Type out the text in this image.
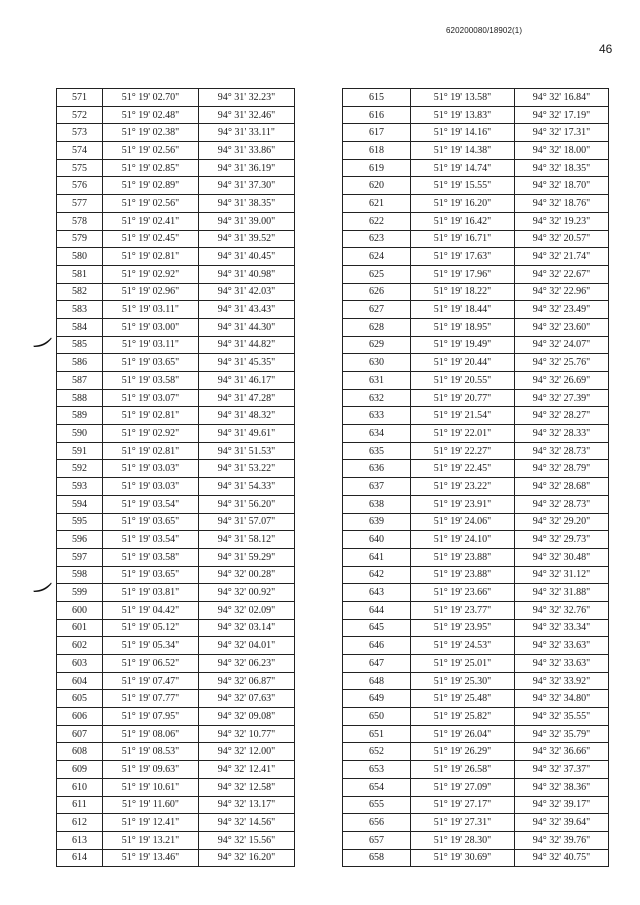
620200080/18902(1)
46
‿
‿
571	51° 19' 02.70"	94° 31' 32.23"
572	51° 19' 02.48"	94° 31' 32.46"
573	51° 19' 02.38"	94° 31' 33.11"
574	51° 19' 02.56"	94° 31' 33.86"
575	51° 19' 02.85"	94° 31' 36.19"
576	51° 19' 02.89"	94° 31' 37.30"
577	51° 19' 02.56"	94° 31' 38.35"
578	51° 19' 02.41"	94° 31' 39.00"
579	51° 19' 02.45"	94° 31' 39.52"
580	51° 19' 02.81"	94° 31' 40.45"
581	51° 19' 02.92"	94° 31' 40.98"
582	51° 19' 02.96"	94° 31' 42.03"
583	51° 19' 03.11"	94° 31' 43.43"
584	51° 19' 03.00"	94° 31' 44.30"
585	51° 19' 03.11"	94° 31' 44.82"
586	51° 19' 03.65"	94° 31' 45.35"
587	51° 19' 03.58"	94° 31' 46.17"
588	51° 19' 03.07"	94° 31' 47.28"
589	51° 19' 02.81"	94° 31' 48.32"
590	51° 19' 02.92"	94° 31' 49.61"
591	51° 19' 02.81"	94° 31' 51.53"
592	51° 19' 03.03"	94° 31' 53.22"
593	51° 19' 03.03"	94° 31' 54.33"
594	51° 19' 03.54"	94° 31' 56.20"
595	51° 19' 03.65"	94° 31' 57.07"
596	51° 19' 03.54"	94° 31' 58.12"
597	51° 19' 03.58"	94° 31' 59.29"
598	51° 19' 03.65"	94° 32' 00.28"
599	51° 19' 03.81"	94° 32' 00.92"
600	51° 19' 04.42"	94° 32' 02.09"
601	51° 19' 05.12"	94° 32' 03.14"
602	51° 19' 05.34"	94° 32' 04.01"
603	51° 19' 06.52"	94° 32' 06.23"
604	51° 19' 07.47"	94° 32' 06.87"
605	51° 19' 07.77"	94° 32' 07.63"
606	51° 19' 07.95"	94° 32' 09.08"
607	51° 19' 08.06"	94° 32' 10.77"
608	51° 19' 08.53"	94° 32' 12.00"
609	51° 19' 09.63"	94° 32' 12.41"
610	51° 19' 10.61"	94° 32' 12.58"
611	51° 19' 11.60"	94° 32' 13.17"
612	51° 19' 12.41"	94° 32' 14.56"
613	51° 19' 13.21"	94° 32' 15.56"
614	51° 19' 13.46"	94° 32' 16.20"
615	51° 19' 13.58"	94° 32' 16.84"
616	51° 19' 13.83"	94° 32' 17.19"
617	51° 19' 14.16"	94° 32' 17.31"
618	51° 19' 14.38"	94° 32' 18.00"
619	51° 19' 14.74"	94° 32' 18.35"
620	51° 19' 15.55"	94° 32' 18.70"
621	51° 19' 16.20"	94° 32' 18.76"
622	51° 19' 16.42"	94° 32' 19.23"
623	51° 19' 16.71"	94° 32' 20.57"
624	51° 19' 17.63"	94° 32' 21.74"
625	51° 19' 17.96"	94° 32' 22.67"
626	51° 19' 18.22"	94° 32' 22.96"
627	51° 19' 18.44"	94° 32' 23.49"
628	51° 19' 18.95"	94° 32' 23.60"
629	51° 19' 19.49"	94° 32' 24.07"
630	51° 19' 20.44"	94° 32' 25.76"
631	51° 19' 20.55"	94° 32' 26.69"
632	51° 19' 20.77"	94° 32' 27.39"
633	51° 19' 21.54"	94° 32' 28.27"
634	51° 19' 22.01"	94° 32' 28.33"
635	51° 19' 22.27"	94° 32' 28.73"
636	51° 19' 22.45"	94° 32' 28.79"
637	51° 19' 23.22"	94° 32' 28.68"
638	51° 19' 23.91"	94° 32' 28.73"
639	51° 19' 24.06"	94° 32' 29.20"
640	51° 19' 24.10"	94° 32' 29.73"
641	51° 19' 23.88"	94° 32' 30.48"
642	51° 19' 23.88"	94° 32' 31.12"
643	51° 19' 23.66"	94° 32' 31.88"
644	51° 19' 23.77"	94° 32' 32.76"
645	51° 19' 23.95"	94° 32' 33.34"
646	51° 19' 24.53"	94° 32' 33.63"
647	51° 19' 25.01"	94° 32' 33.63"
648	51° 19' 25.30"	94° 32' 33.92"
649	51° 19' 25.48"	94° 32' 34.80"
650	51° 19' 25.82"	94° 32' 35.55"
651	51° 19' 26.04"	94° 32' 35.79"
652	51° 19' 26.29"	94° 32' 36.66"
653	51° 19' 26.58"	94° 32' 37.37"
654	51° 19' 27.09"	94° 32' 38.36"
655	51° 19' 27.17"	94° 32' 39.17"
656	51° 19' 27.31"	94° 32' 39.64"
657	51° 19' 28.30"	94° 32' 39.76"
658	51° 19' 30.69"	94° 32' 40.75"
